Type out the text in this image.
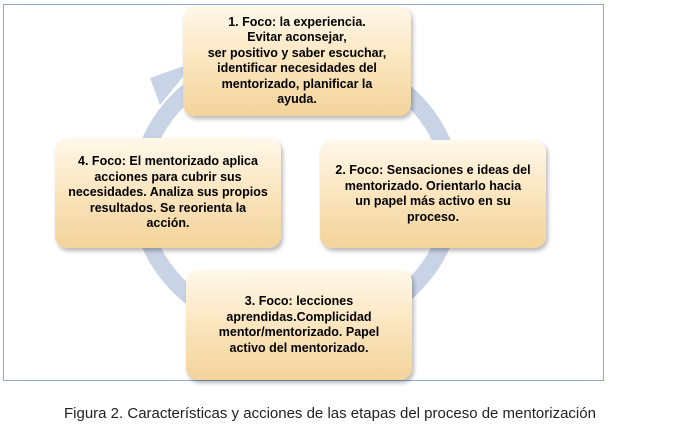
1. Foco: la experiencia.
Evitar aconsejar,
ser positivo y saber escuchar,
identificar necesidades del
mentorizado, planificar la
ayuda.
2. Foco: Sensaciones e ideas del
mentorizado. Orientarlo hacia
un papel más activo en su
proceso.
3. Foco: lecciones
aprendidas.Complicidad
mentor/mentorizado. Papel
activo del mentorizado.
4. Foco: El mentorizado aplica
acciones para cubrir sus
necesidades. Analiza sus propios
resultados. Se reorienta la
acción.
Figura 2. Características y acciones de las etapas del proceso de mentorización
